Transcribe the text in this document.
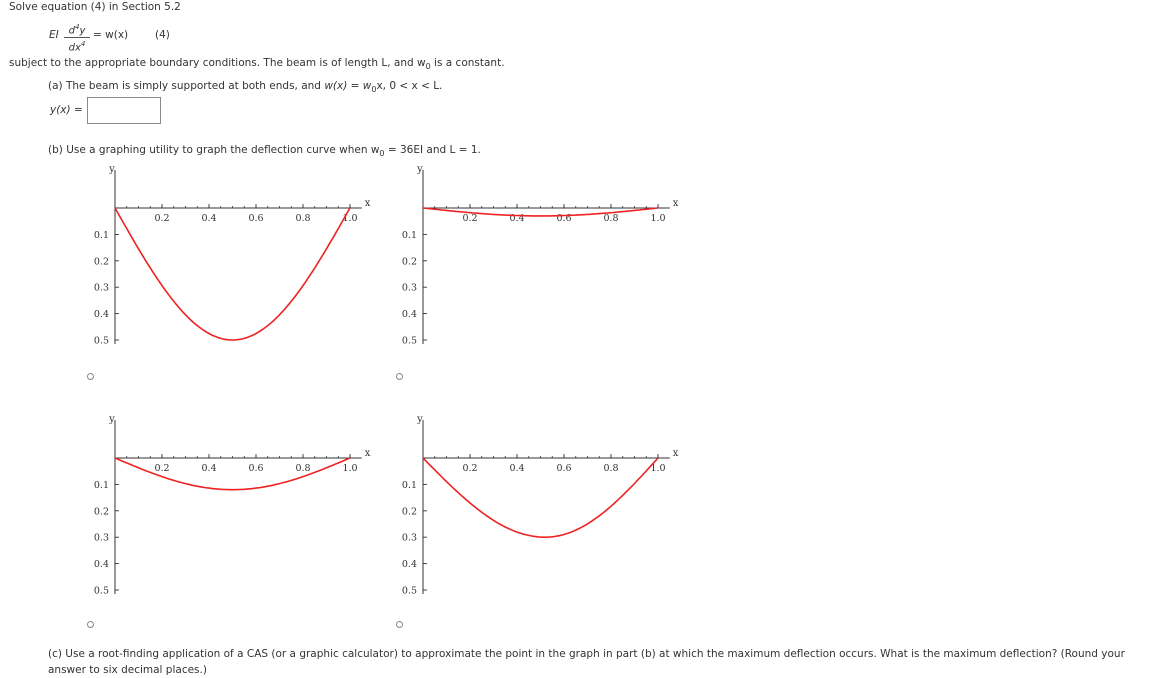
Solve equation (4) in Section 5.2
EI $\frac{d^4y}{dx^4} = w(x)$	(4)
subject to the appropriate boundary conditions. The beam is of length L, and $w_0$ is a constant.
(a) The beam is simply supported at both ends, and $w(x) = w_0x$, 0 < x < L.
y(x) =
(b) Use a graphing utility to graph the deflection curve when $w_0 = 36EI$ and L = 1.
0.2	0.4	0.6	0.8	1.0
0.1
0.2
0.3
0.4
0.5
x
y
0.2	0.4	0.6	0.8	1.0
0.1
0.2
0.3
0.4
0.5
x
y
0.2	0.4	0.6	0.8	1.0
0.1
0.2
0.3
0.4
0.5
x
y
0.2	0.4	0.6	0.8	1.0
0.1
0.2
0.3
0.4
0.5
x
y
(c) Use a root-finding application of a CAS (or a graphic calculator) to approximate the point in the graph in part (b) at which the maximum deflection occurs. What is the maximum deflection? (Round your answer to six decimal places.)
